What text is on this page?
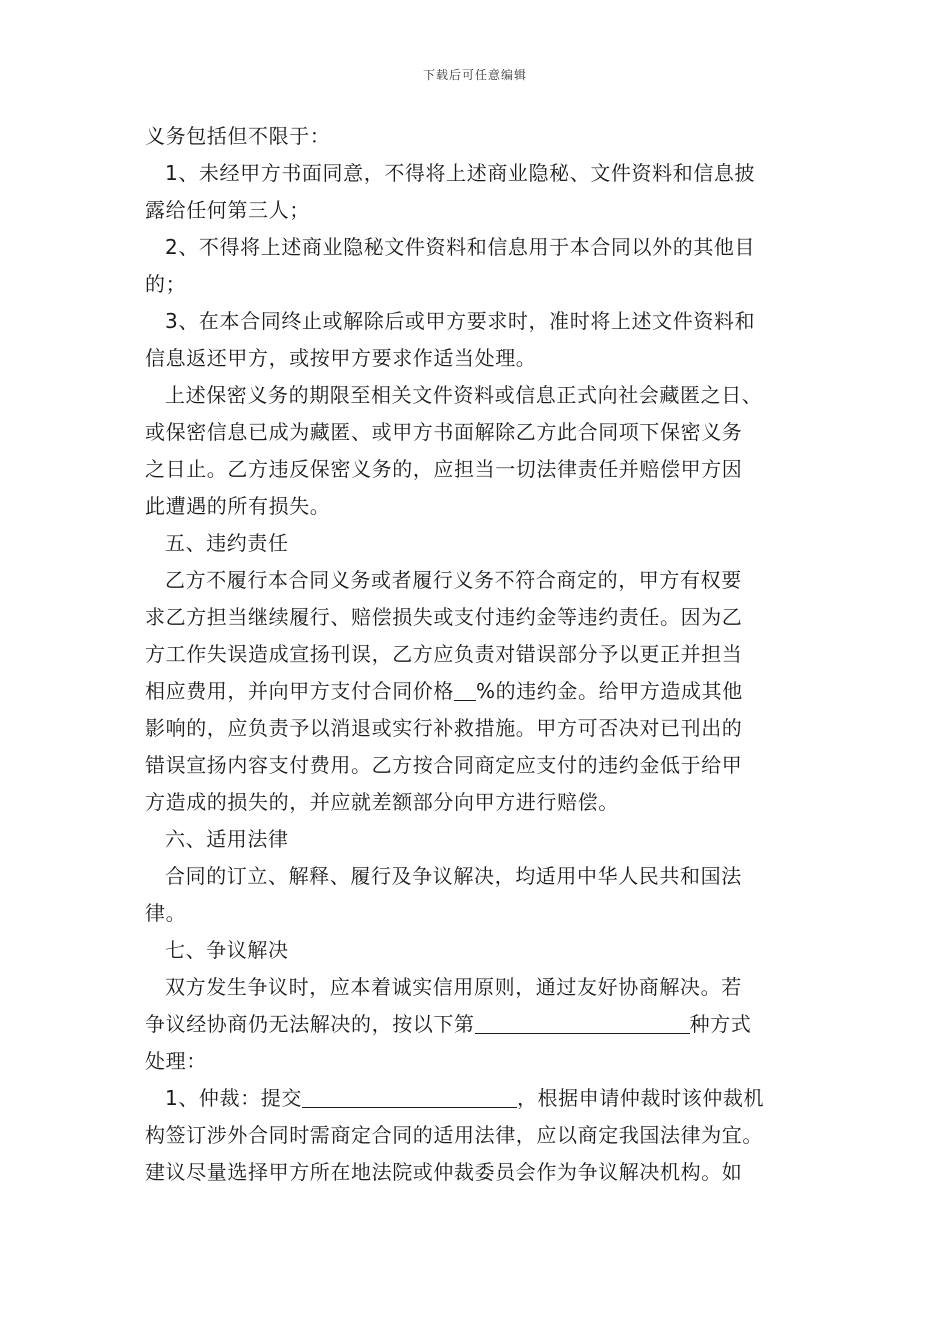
下载后可任意编辑
义务包括但不限于：
1、未经甲方书面同意，不得将上述商业隐秘、文件资料和信息披
露给任何第三人；
2、不得将上述商业隐秘文件资料和信息用于本合同以外的其他目
的；
3、在本合同终止或解除后或甲方要求时，准时将上述文件资料和
信息返还甲方，或按甲方要求作适当处理。
上述保密义务的期限至相关文件资料或信息正式向社会藏匿之日、
或保密信息已成为藏匿、或甲方书面解除乙方此合同项下保密义务
之日止。乙方违反保密义务的，应担当一切法律责任并赔偿甲方因
此遭遇的所有损失。
五、违约责任
乙方不履行本合同义务或者履行义务不符合商定的，甲方有权要
求乙方担当继续履行、赔偿损失或支付违约金等违约责任。因为乙
方工作失误造成宣扬刊误，乙方应负责对错误部分予以更正并担当
相应费用，并向甲方支付合同价格 %的违约金。给甲方造成其他
影响的，应负责予以消退或实行补救措施。甲方可否决对已刊出的
错误宣扬内容支付费用。乙方按合同商定应支付的违约金低于给甲
方造成的损失的，并应就差额部分向甲方进行赔偿。
六、适用法律
合同的订立、解释、履行及争议解决，均适用中华人民共和国法
律。
七、争议解决
双方发生争议时，应本着诚实信用原则，通过友好协商解决。若
争议经协商仍无法解决的，按以下第	种方式
处理：
1、仲裁：提交	，根据申请仲裁时该仲裁机
构签订涉外合同时需商定合同的适用法律，应以商定我国法律为宜。
建议尽量选择甲方所在地法院或仲裁委员会作为争议解决机构。如
